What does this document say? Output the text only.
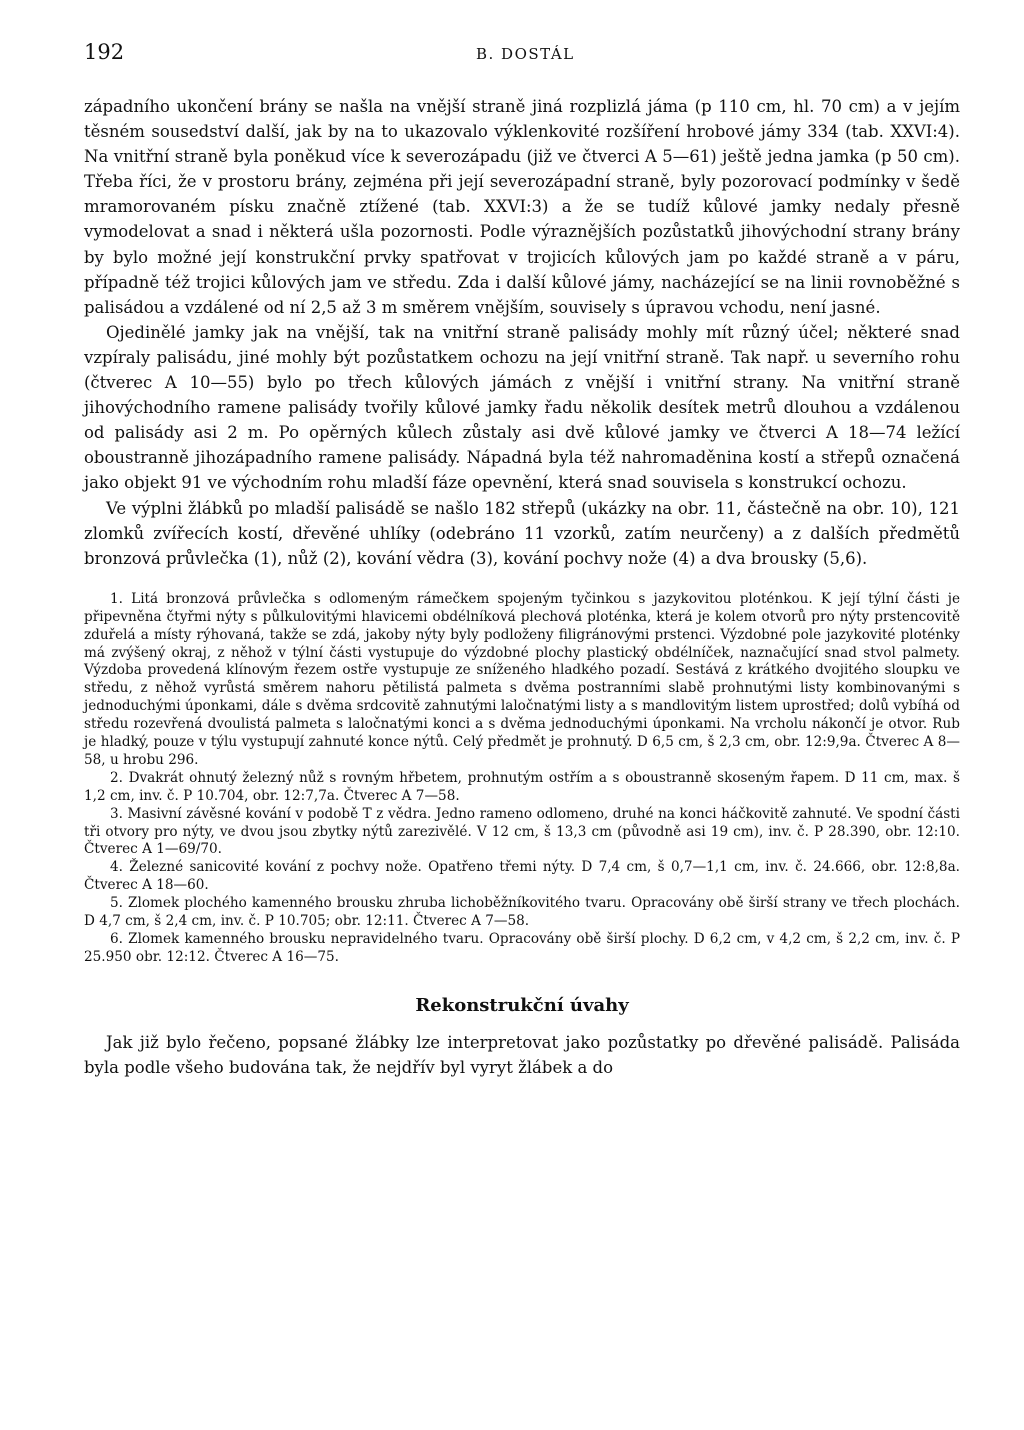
192	B. DOSTÁL

západního ukončení brány se našla na vnější straně jiná rozplizlá jáma (p 110 cm, hl. 70 cm) a v jejím těsném sousedství další, jak by na to ukazovalo výklenkovité rozšíření hrobové jámy 334 (tab. XXVI:4). Na vnitřní straně byla poněkud více k severozápadu (již ve čtverci A 5—61) ještě jedna jamka (p 50 cm). Třeba říci, že v prostoru brány, zejména při její severozápadní straně, byly pozorovací podmínky v šedě mramorovaném písku značně ztížené (tab. XXVI:3) a že se tudíž kůlové jamky nedaly přesně vymodelovat a snad i některá ušla pozornosti. Podle výraznějších pozůstatků jihovýchodní strany brány by bylo možné její konstrukční prvky spatřovat v trojicích kůlových jam po každé straně a v páru, případně též trojici kůlových jam ve středu. Zda i další kůlové jámy, nacházející se na linii rovnoběžné s palisádou a vzdálené od ní 2,5 až 3 m směrem vnějším, souvisely s úpravou vchodu, není jasné.

Ojedinělé jamky jak na vnější, tak na vnitřní straně palisády mohly mít různý účel; některé snad vzpíraly palisádu, jiné mohly být pozůstatkem ochozu na její vnitřní straně. Tak např. u severního rohu (čtverec A 10—55) bylo po třech kůlových jámách z vnější i vnitřní strany. Na vnitřní straně jihovýchodního ramene palisády tvořily kůlové jamky řadu několik desítek metrů dlouhou a vzdálenou od palisády asi 2 m. Po opěrných kůlech zůstaly asi dvě kůlové jamky ve čtverci A 18—74 ležící oboustranně jihozápadního ramene palisády. Nápadná byla též nahromaděnina kostí a střepů označená jako objekt 91 ve východním rohu mladší fáze opevnění, která snad souvisela s konstrukcí ochozu.

Ve výplni žlábků po mladší palisádě se našlo 182 střepů (ukázky na obr. 11, částečně na obr. 10), 121 zlomků zvířecích kostí, dřevěné uhlíky (odebráno 11 vzorků, zatím neurčeny) a z dalších předmětů bronzová průvlečka (1), nůž (2), kování vědra (3), kování pochvy nože (4) a dva brousky (5,6).

1. Litá bronzová průvlečka s odlomeným rámečkem spojeným tyčinkou s jazykovitou ploténkou. K její týlní části je připevněna čtyřmi nýty s půlkulovitými hlavicemi obdélníková plechová ploténka, která je kolem otvorů pro nýty prstencovitě zduřelá a místy rýhovaná, takže se zdá, jakoby nýty byly podloženy filigránovými prstenci. Výzdobné pole jazykovité ploténky má zvýšený okraj, z něhož v týlní části vystupuje do výzdobné plochy plastický obdélníček, naznačující snad stvol palmety. Výzdoba provedená klínovým řezem ostře vystupuje ze sníženého hladkého pozadí. Sestává z krátkého dvojitého sloupku ve středu, z něhož vyrůstá směrem nahoru pětilistá palmeta s dvěma postranními slabě prohnutými listy kombinovanými s jednoduchými úponkami, dále s dvěma srdcovitě zahnutými laločnatými listy a s mandlovitým listem uprostřed; dolů vybíhá od středu rozevřená dvoulistá palmeta s laločnatými konci a s dvěma jednoduchými úponkami. Na vrcholu nákončí je otvor. Rub je hladký, pouze v týlu vystupují zahnuté konce nýtů. Celý předmět je prohnutý. D 6,5 cm, š 2,3 cm, obr. 12:9,9a. Čtverec A 8—58, u hrobu 296.

2. Dvakrát ohnutý železný nůž s rovným hřbetem, prohnutým ostřím a s oboustranně skoseným řapem. D 11 cm, max. š 1,2 cm, inv. č. P 10.704, obr. 12:7,7a. Čtverec A 7—58.

3. Masivní závěsné kování v podobě T z vědra. Jedno rameno odlomeno, druhé na konci háčkovitě zahnuté. Ve spodní části tři otvory pro nýty, ve dvou jsou zbytky nýtů zarezivělé. V 12 cm, š 13,3 cm (původně asi 19 cm), inv. č. P 28.390, obr. 12:10. Čtverec A 1—69/70.

4. Železné sanicovité kování z pochvy nože. Opatřeno třemi nýty. D 7,4 cm, š 0,7—1,1 cm, inv. č. 24.666, obr. 12:8,8a. Čtverec A 18—60.

5. Zlomek plochého kamenného brousku zhruba lichoběžníkovitého tvaru. Opracovány obě širší strany ve třech plochách. D 4,7 cm, š 2,4 cm, inv. č. P 10.705; obr. 12:11. Čtverec A 7—58.

6. Zlomek kamenného brousku nepravidelného tvaru. Opracovány obě širší plochy. D 6,2 cm, v 4,2 cm, š 2,2 cm, inv. č. P 25.950 obr. 12:12. Čtverec A 16—75.

Rekonstrukční úvahy

Jak již bylo řečeno, popsané žlábky lze interpretovat jako pozůstatky po dřevěné palisádě. Palisáda byla podle všeho budována tak, že nejdřív byl vyryt žlábek a do
